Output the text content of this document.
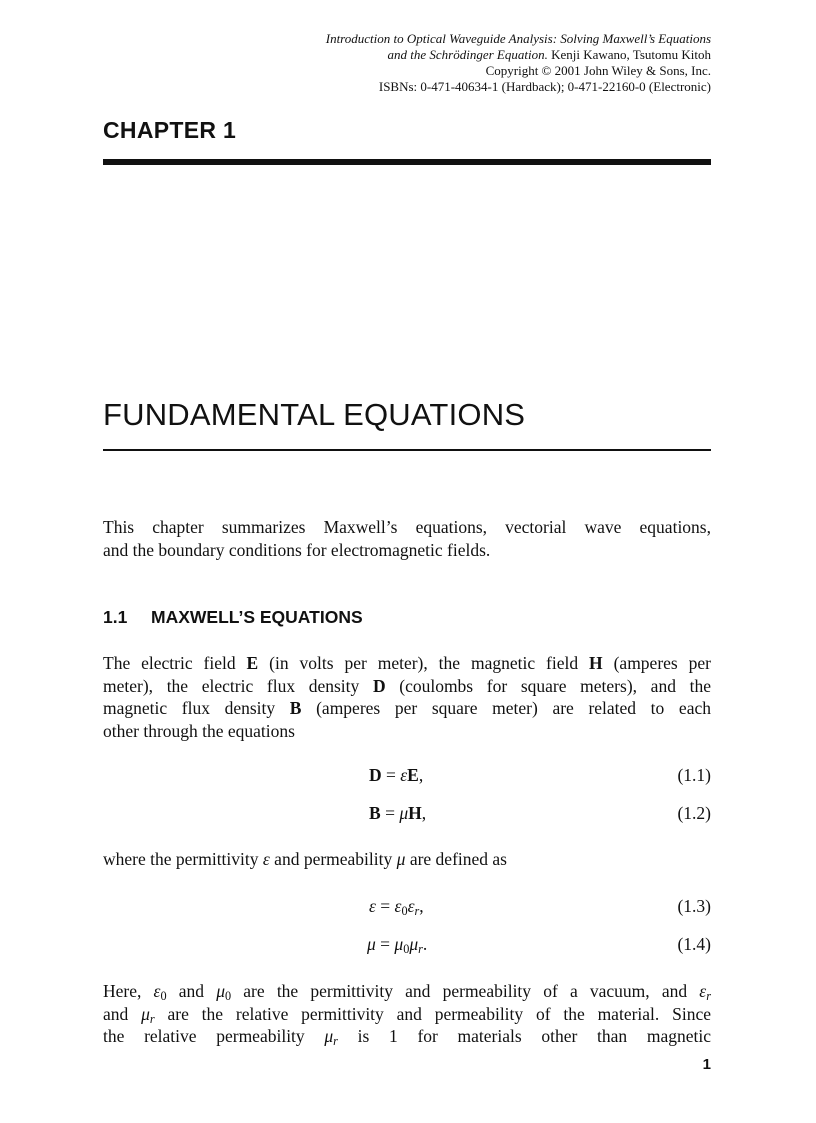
Introduction to Optical Waveguide Analysis: Solving Maxwell’s Equations
and the Schrödinger Equation. Kenji Kawano, Tsutomu Kitoh
Copyright © 2001 John Wiley & Sons, Inc.
ISBNs: 0-471-40634-1 (Hardback); 0-471-22160-0 (Electronic)
CHAPTER 1
FUNDAMENTAL EQUATIONS
This chapter summarizes Maxwell’s equations, vectorial wave equations,
and the boundary conditions for electromagnetic fields.
1.1 MAXWELL’S EQUATIONS
The electric field E (in volts per meter), the magnetic field H (amperes per
meter), the electric flux density D (coulombs for square meters), and the
magnetic flux density B (amperes per square meter) are related to each
other through the equations
D = εE,	(1.1)
B = μH,	(1.2)
where the permittivity ε and permeability μ are defined as
$\varepsilon = \varepsilon_0\varepsilon_r$,	(1.3)
$\mu = \mu_0\mu_r$.	(1.4)
Here, $\varepsilon_0$ and $\mu_0$ are the permittivity and permeability of a vacuum, and $\varepsilon_r$
and $\mu_r$ are the relative permittivity and permeability of the material. Since
the relative permeability $\mu_r$ is 1 for materials other than magnetic
1
